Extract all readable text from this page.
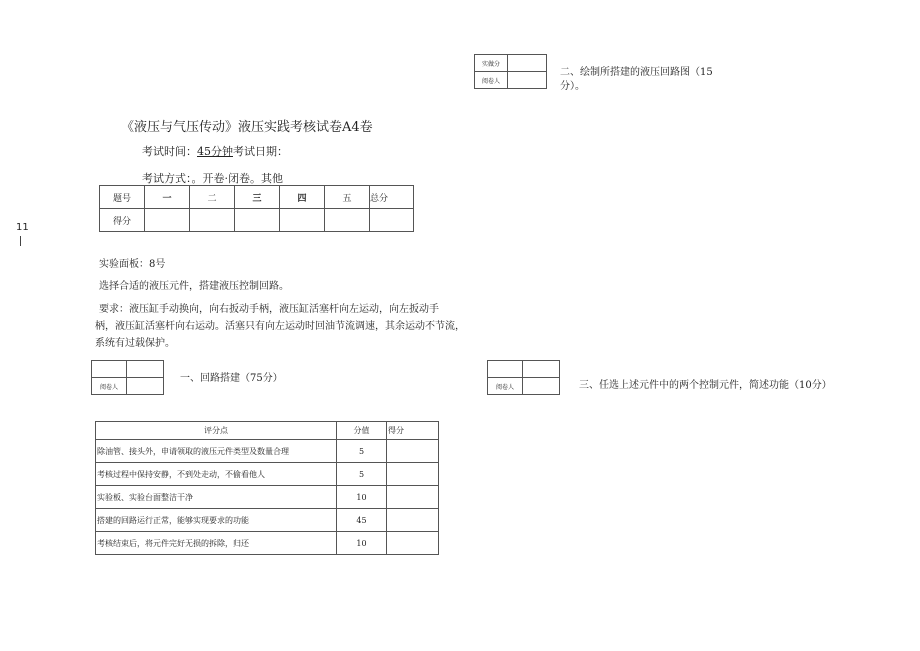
11
《液压与气压传动》液压实践考核试卷A4卷
考试时间：45分钟考试日期：
考试方式：。开卷·闭卷。其他
题号	一	二	三	四	五	总分
得分						
实验面板：8号
选择合适的液压元件，搭建液压控制回路。
要求：液压缸手动换向，向右扳动手柄，液压缸活塞杆向左运动，向左扳动手
柄，液压缸活塞杆向右运动。活塞只有向左运动时回油节流调速，其余运动不节流，
系统有过载保护。

阅卷人	
一、回路搭建（75分）
评分点	分值	得分
除油管、接头外，申请领取的液压元件类型及数量合理	5	
考核过程中保持安静，不到处走动，不偷看他人	5	
实验板、实验台面整洁干净	10	
搭建的回路运行正常，能够实现要求的功能	45	
考核结束后，将元件完好无损的拆除，归还	10	
实做分	
阅卷人	
二、绘制所搭建的液压回路图（15
分）。

阅卷人		三、任选上述元件中的两个控制元件，简述功能（10分）
